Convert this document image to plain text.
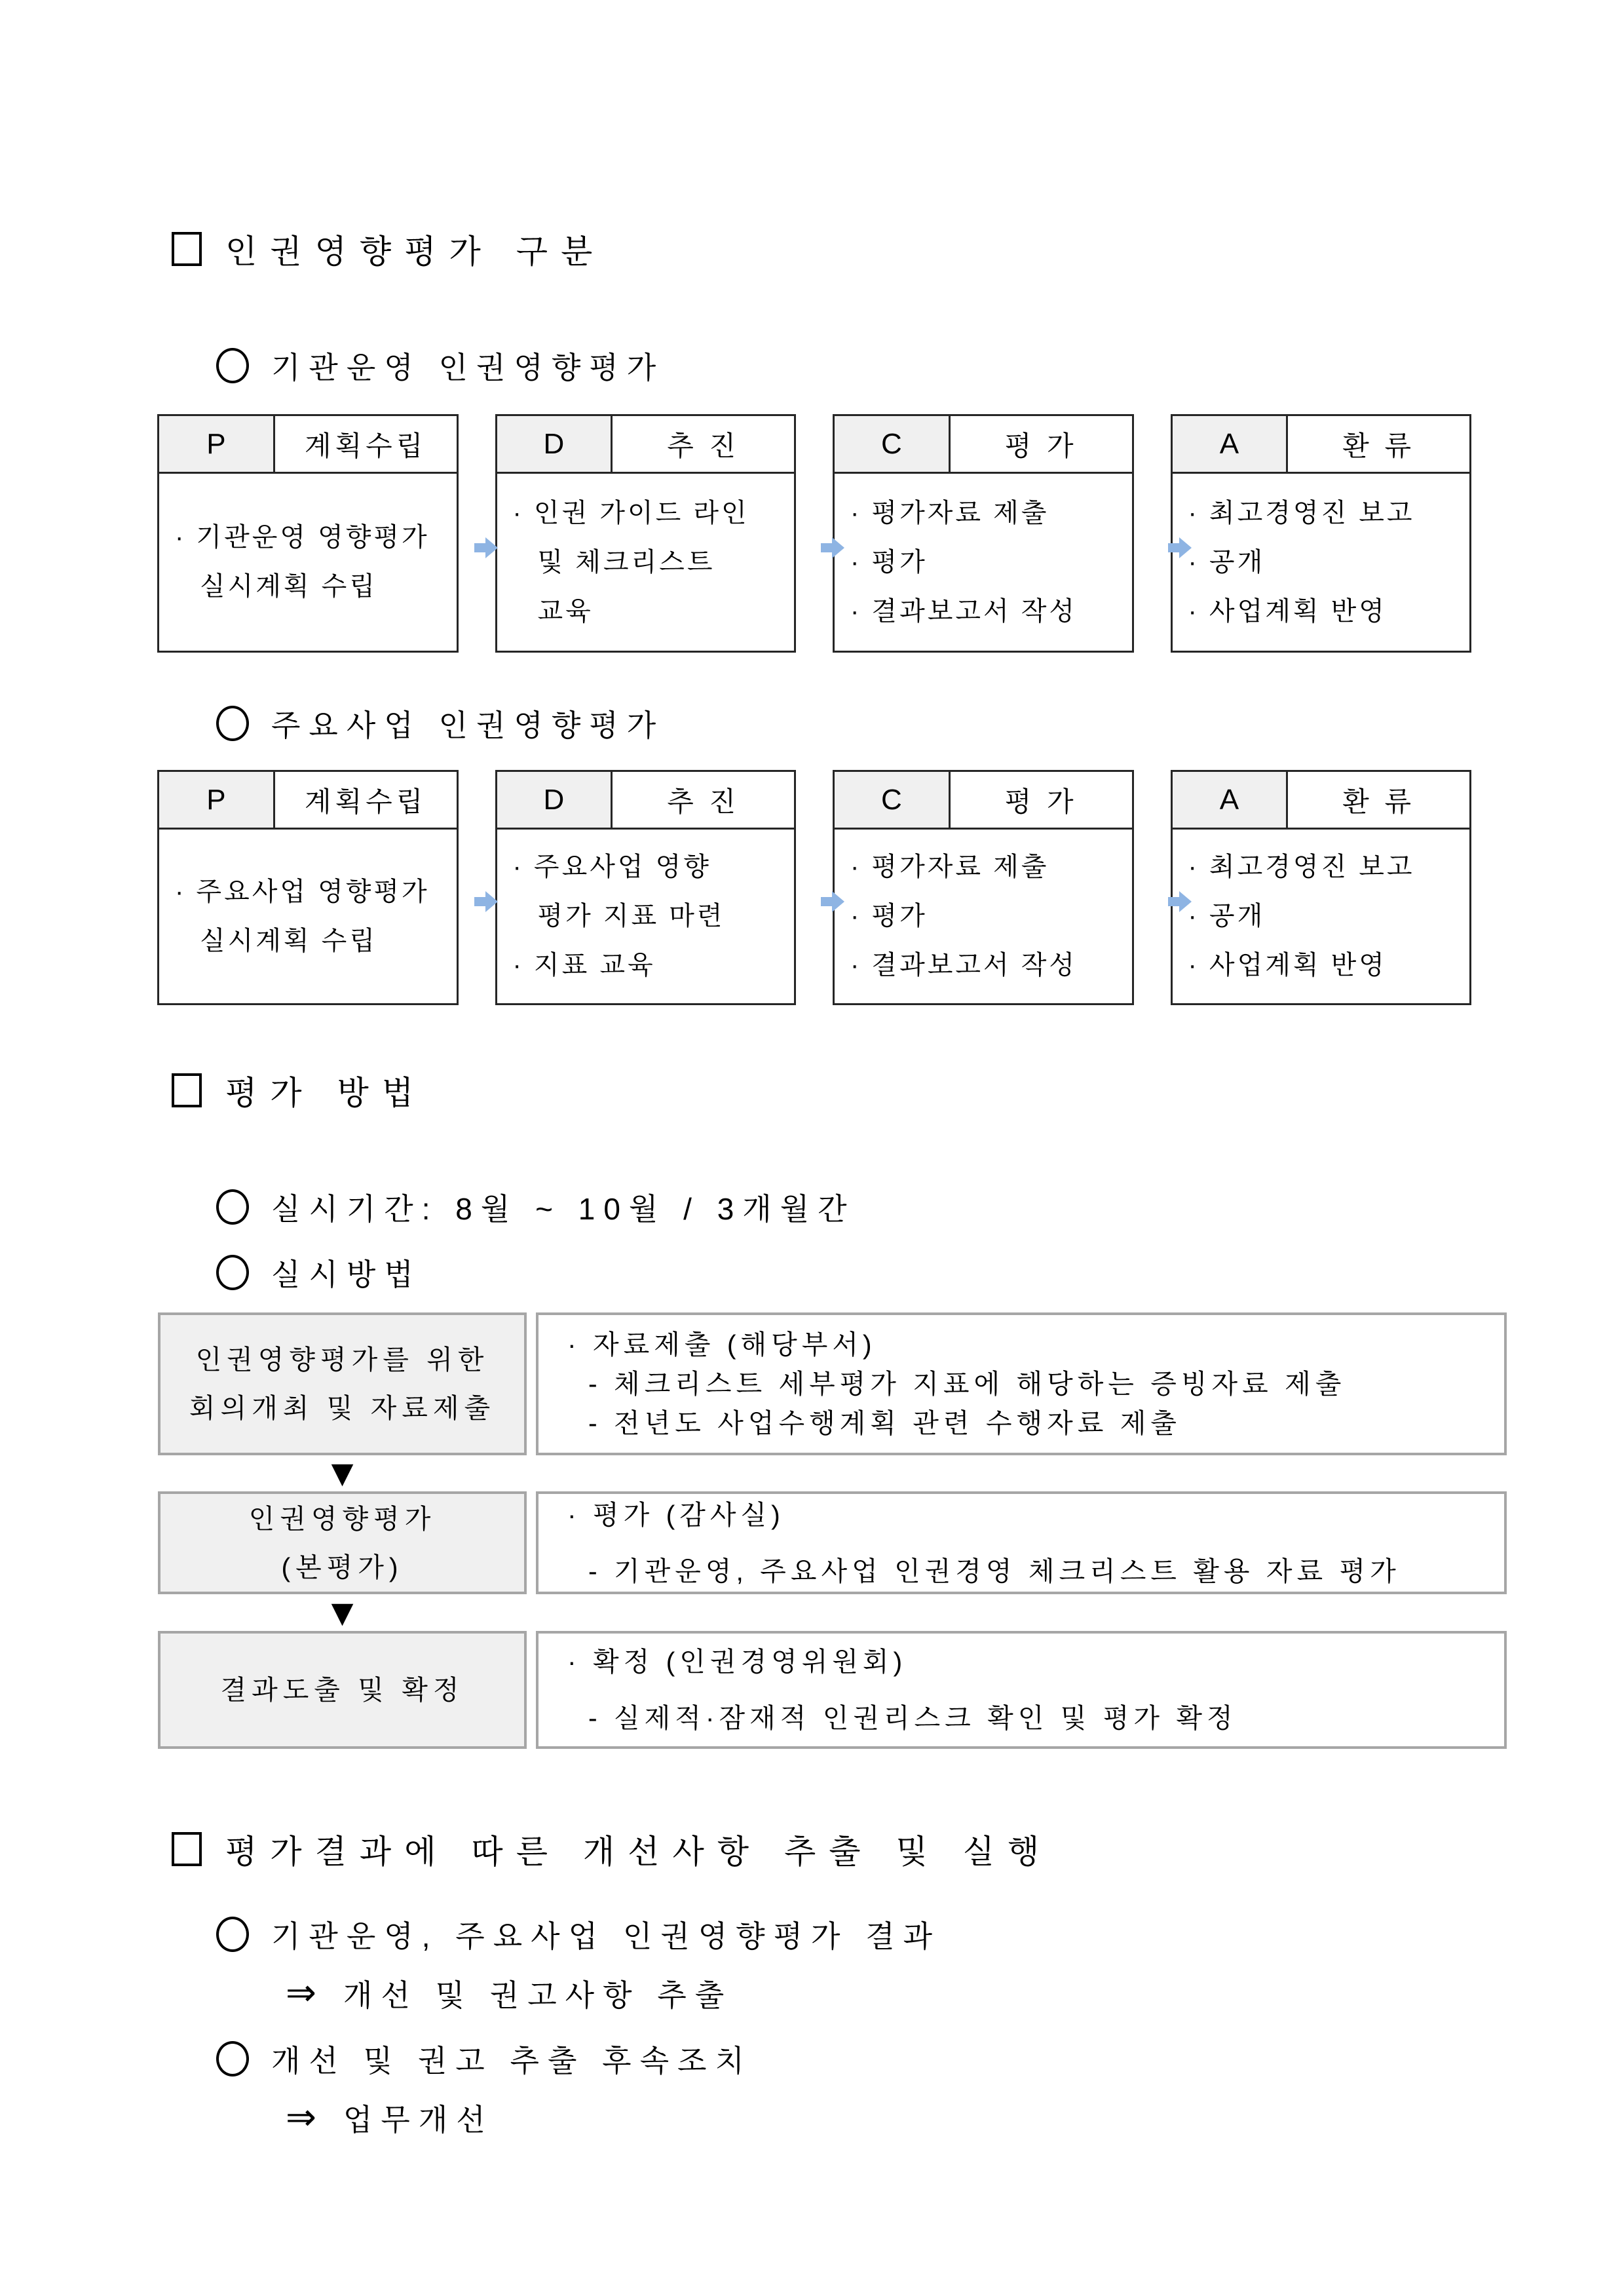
인권영향평가 구분
기관운영 인권영향평가
P	계획수립
· 기관운영 영향평가
실시계획 수립
D	추 진
· 인권 가이드 라인
및 체크리스트
교육
C	평 가
· 평가자료 제출
· 평가
· 결과보고서 작성
A	환 류
· 최고경영진 보고
· 공개
· 사업계획 반영
주요사업 인권영향평가
P	계획수립
· 주요사업 영향평가
실시계획 수립
D	추 진
· 주요사업 영향
평가 지표 마련
· 지표 교육
C	평 가
· 평가자료 제출
· 평가
· 결과보고서 작성
A	환 류
· 최고경영진 보고
· 공개
· 사업계획 반영
평가 방법
실시기간: 8월 ~ 10월 / 3개월간
실시방법
인권영향평가를 위한
회의개최 및 자료제출
· 자료제출 (해당부서)
- 체크리스트 세부평가 지표에 해당하는 증빙자료 제출
- 전년도 사업수행계획 관련 수행자료 제출
▼
인권영향평가
(본평가)
· 평가 (감사실)
- 기관운영, 주요사업 인권경영 체크리스트 활용 자료 평가
▼
결과도출 및 확정
· 확정 (인권경영위원회)
- 실제적·잠재적 인권리스크 확인 및 평가 확정
평가결과에 따른 개선사항 추출 및 실행
기관운영, 주요사업 인권영향평가 결과
⇒ 개선 및 권고사항 추출
개선 및 권고 추출 후속조치
⇒ 업무개선
